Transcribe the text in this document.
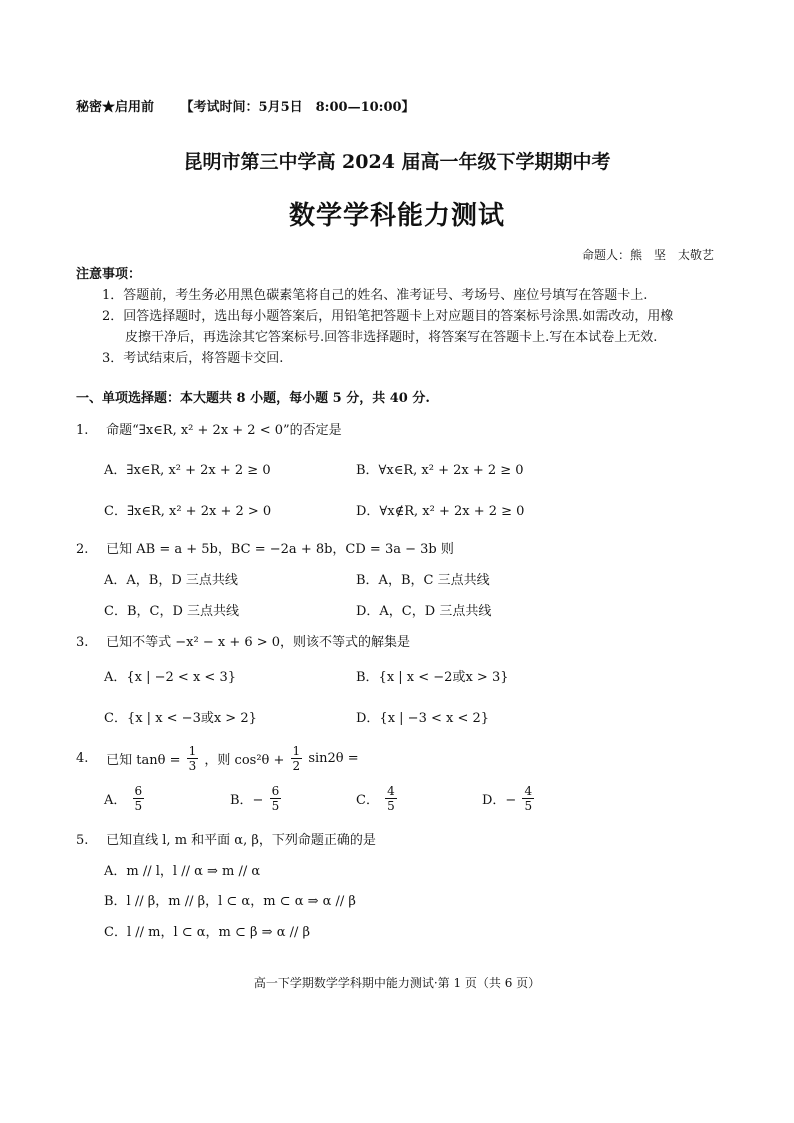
秘密★启用前 【考试时间：5月5日　8:00—10:00】
昆明市第三中学高 2024 届高一年级下学期期中考
数学学科能力测试
命题人：熊　坚　太敬艺
注意事项：
1．答题前，考生务必用黑色碳素笔将自己的姓名、准考证号、考场号、座位号填写在答题卡上.
2．回答选择题时，选出每小题答案后，用铅笔把答题卡上对应题目的答案标号涂黑.如需改动，用橡
皮擦干净后，再选涂其它答案标号.回答非选择题时，将答案写在答题卡上.写在本试卷上无效.
3．考试结束后，将答题卡交回.
一、单项选择题：本大题共 8 小题，每小题 5 分，共 40 分.
1. 命题“∃x∈R, x² + 2x + 2 < 0”的否定是
A．∃x∈R, x² + 2x + 2 ≥ 0	B．∀x∈R, x² + 2x + 2 ≥ 0
C．∃x∈R, x² + 2x + 2 > 0	D．∀x∉R, x² + 2x + 2 ≥ 0
2. 已知 AB = a + 5b，BC = −2a + 8b，CD = 3a − 3b 则
A．A，B，D 三点共线	B．A，B，C 三点共线
C．B，C，D 三点共线	D．A，C，D 三点共线
3. 已知不等式 −x² − x + 6 > 0，则该不等式的解集是
A．{x | −2 < x < 3}	B．{x | x < −2或x > 3}
C．{x | x < −3或x > 2}	D．{x | −3 < x < 2}
4. 已知 $\tan\theta = \frac{1}{3}$ ，则 $\cos^2\theta + \frac{1}{2} \sin 2\theta$ =
A． $\frac{6}{5}$	B．− $\frac{6}{5}$	C． $\frac{4}{5}$	D．− $\frac{4}{5}$
5. 已知直线 l, m 和平面 α, β，下列命题正确的是
A．m // l，l // α ⇒ m // α
B．l // β，m // β，l ⊂ α，m ⊂ α ⇒ α // β
C．l // m，l ⊂ α，m ⊂ β ⇒ α // β
高一下学期数学学科期中能力测试·第 1 页（共 6 页）
